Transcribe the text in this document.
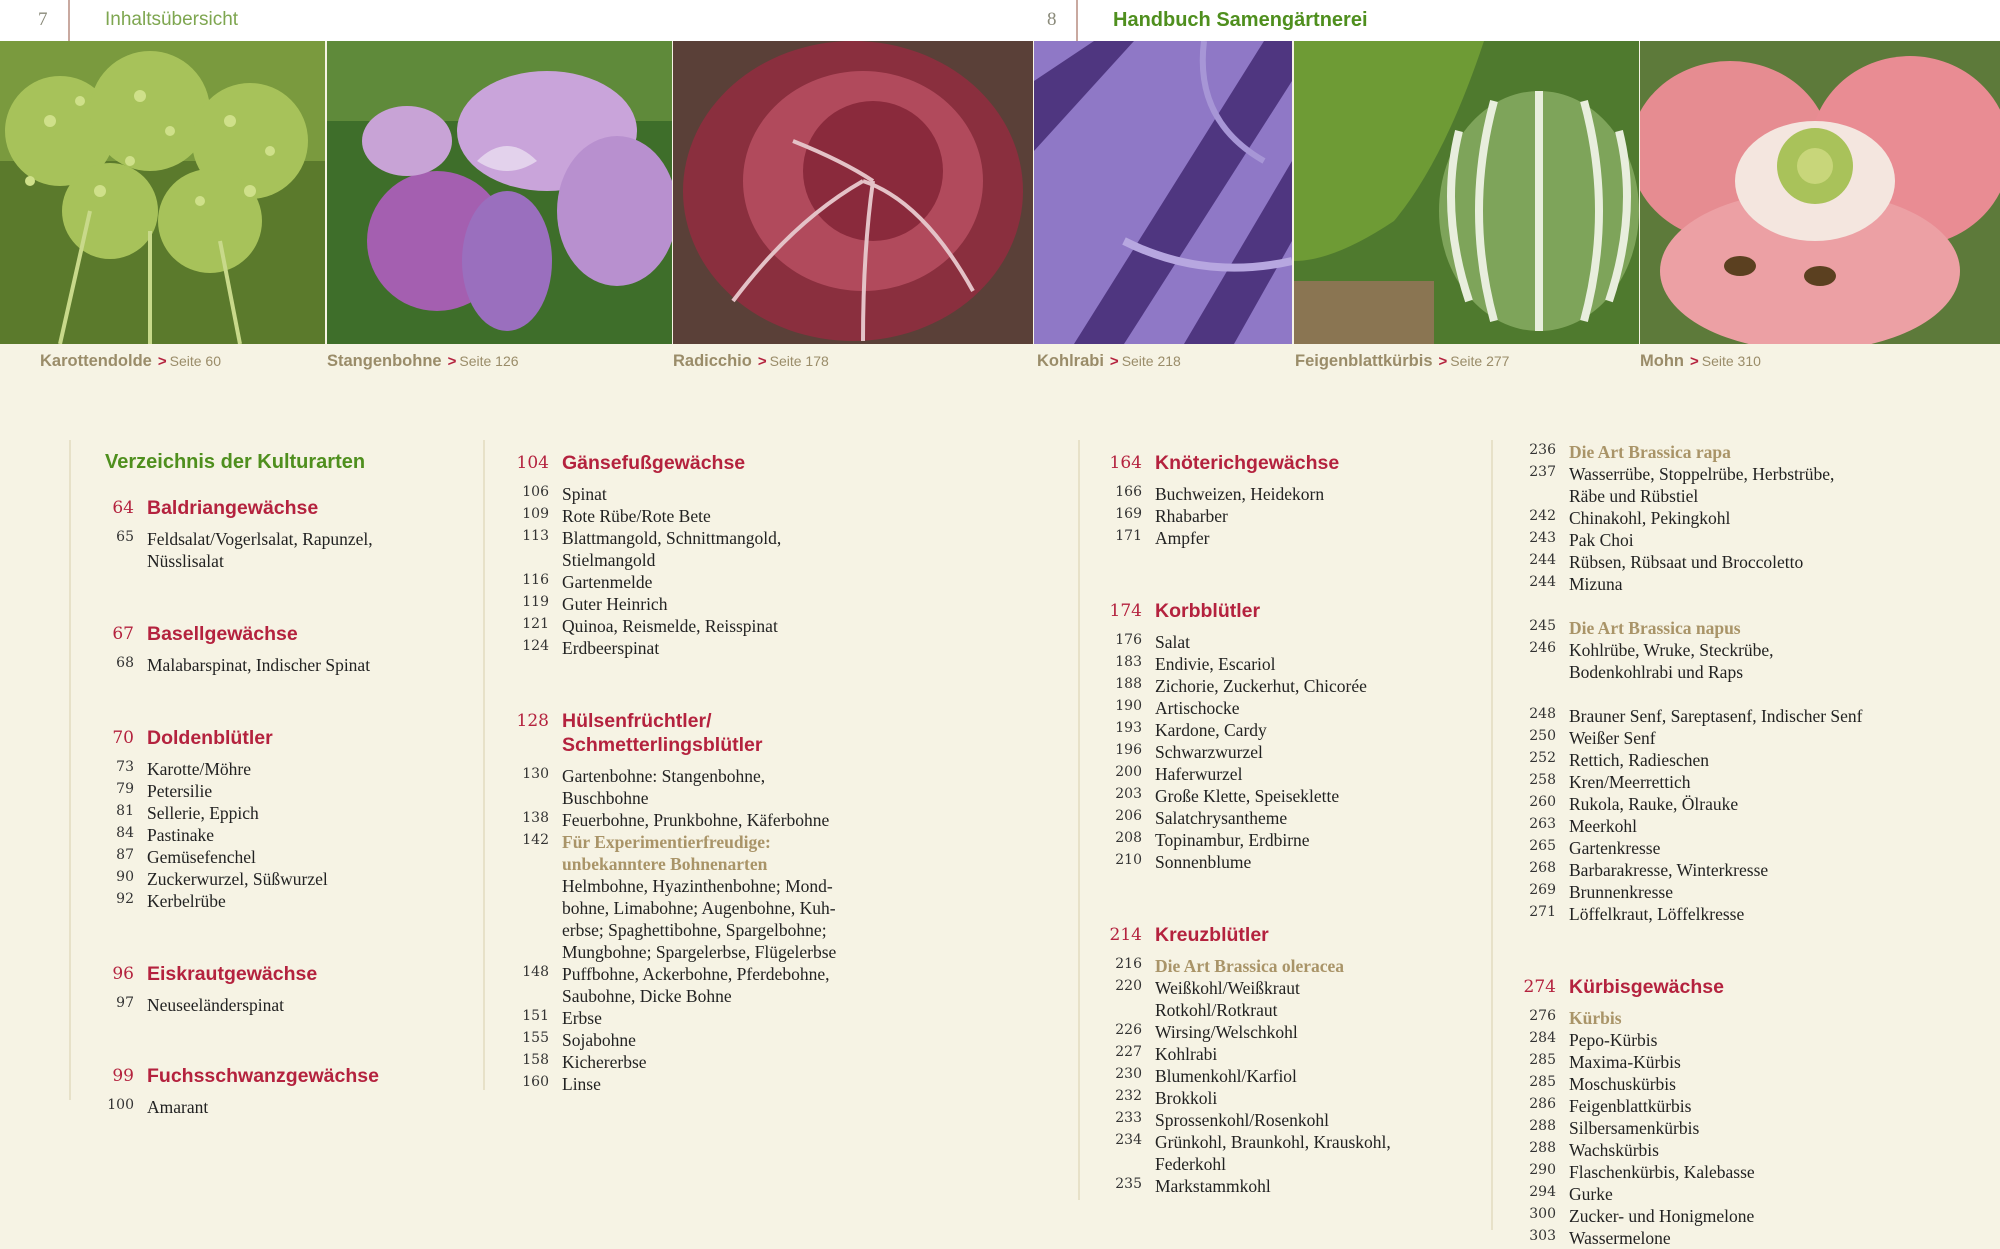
7	Inhaltsübersicht	8	Handbuch Samengärtnerei
Karottendolde > Seite 60	Stangenbohne > Seite 126	Radicchio > Seite 178	Kohlrabi > Seite 218	Feigenblattkürbis > Seite 277	Mohn > Seite 310
Verzeichnis der Kulturarten
64 Baldriangewächse
65 Feldsalat/Vogerlsalat, Rapunzel,
Nüsslisalat
67 Basellgewächse
68 Malabarspinat, Indischer Spinat
70 Doldenblütler
73 Karotte/Möhre
79 Petersilie
81 Sellerie, Eppich
84 Pastinake
87 Gemüsefenchel
90 Zuckerwurzel, Süßwurzel
92 Kerbelrübe
96 Eiskrautgewächse
97 Neuseeländerspinat
99 Fuchsschwanzgewächse
100 Amarant
104 Gänsefußgewächse
106 Spinat
109 Rote Rübe/Rote Bete
113 Blattmangold, Schnittmangold,
Stielmangold
116 Gartenmelde
119 Guter Heinrich
121 Quinoa, Reismelde, Reisspinat
124 Erdbeerspinat
128 Hülsenfrüchtler/
Schmetterlingsblütler
130 Gartenbohne: Stangenbohne,
Buschbohne
138 Feuerbohne, Prunkbohne, Käferbohne
142 Für Experimentierfreudige:
unbekanntere Bohnenarten
Helmbohne, Hyazinthenbohne; Mond-
bohne, Limabohne; Augenbohne, Kuh-
erbse; Spaghettibohne, Spargelbohne;
Mungbohne; Spargelerbse, Flügelerbse
148 Puffbohne, Ackerbohne, Pferdebohne,
Saubohne, Dicke Bohne
151 Erbse
155 Sojabohne
158 Kichererbse
160 Linse
164 Knöterichgewächse
166 Buchweizen, Heidekorn
169 Rhabarber
171 Ampfer
174 Korbblütler
176 Salat
183 Endivie, Escariol
188 Zichorie, Zuckerhut, Chicorée
190 Artischocke
193 Kardone, Cardy
196 Schwarzwurzel
200 Haferwurzel
203 Große Klette, Speiseklette
206 Salatchrysantheme
208 Topinambur, Erdbirne
210 Sonnenblume
214 Kreuzblütler
216 Die Art Brassica oleracea
220 Weißkohl/Weißkraut
Rotkohl/Rotkraut
226 Wirsing/Welschkohl
227 Kohlrabi
230 Blumenkohl/Karfiol
232 Brokkoli
233 Sprossenkohl/Rosenkohl
234 Grünkohl, Braunkohl, Krauskohl,
Federkohl
235 Markstammkohl
236 Die Art Brassica rapa
237 Wasserrübe, Stoppelrübe, Herbstrübe,
Räbe und Rübstiel
242 Chinakohl, Pekingkohl
243 Pak Choi
244 Rübsen, Rübsaat und Broccoletto
244 Mizuna
245 Die Art Brassica napus
246 Kohlrübe, Wruke, Steckrübe,
Bodenkohlrabi und Raps
248 Brauner Senf, Sareptasenf, Indischer Senf
250 Weißer Senf
252 Rettich, Radieschen
258 Kren/Meerrettich
260 Rukola, Rauke, Ölrauke
263 Meerkohl
265 Gartenkresse
268 Barbarakresse, Winterkresse
269 Brunnenkresse
271 Löffelkraut, Löffelkresse
274 Kürbisgewächse
276 Kürbis
284 Pepo-Kürbis
285 Maxima-Kürbis
285 Moschuskürbis
286 Feigenblattkürbis
288 Silbersamenkürbis
288 Wachskürbis
290 Flaschenkürbis, Kalebasse
294 Gurke
300 Zucker- und Honigmelone
303 Wassermelone
